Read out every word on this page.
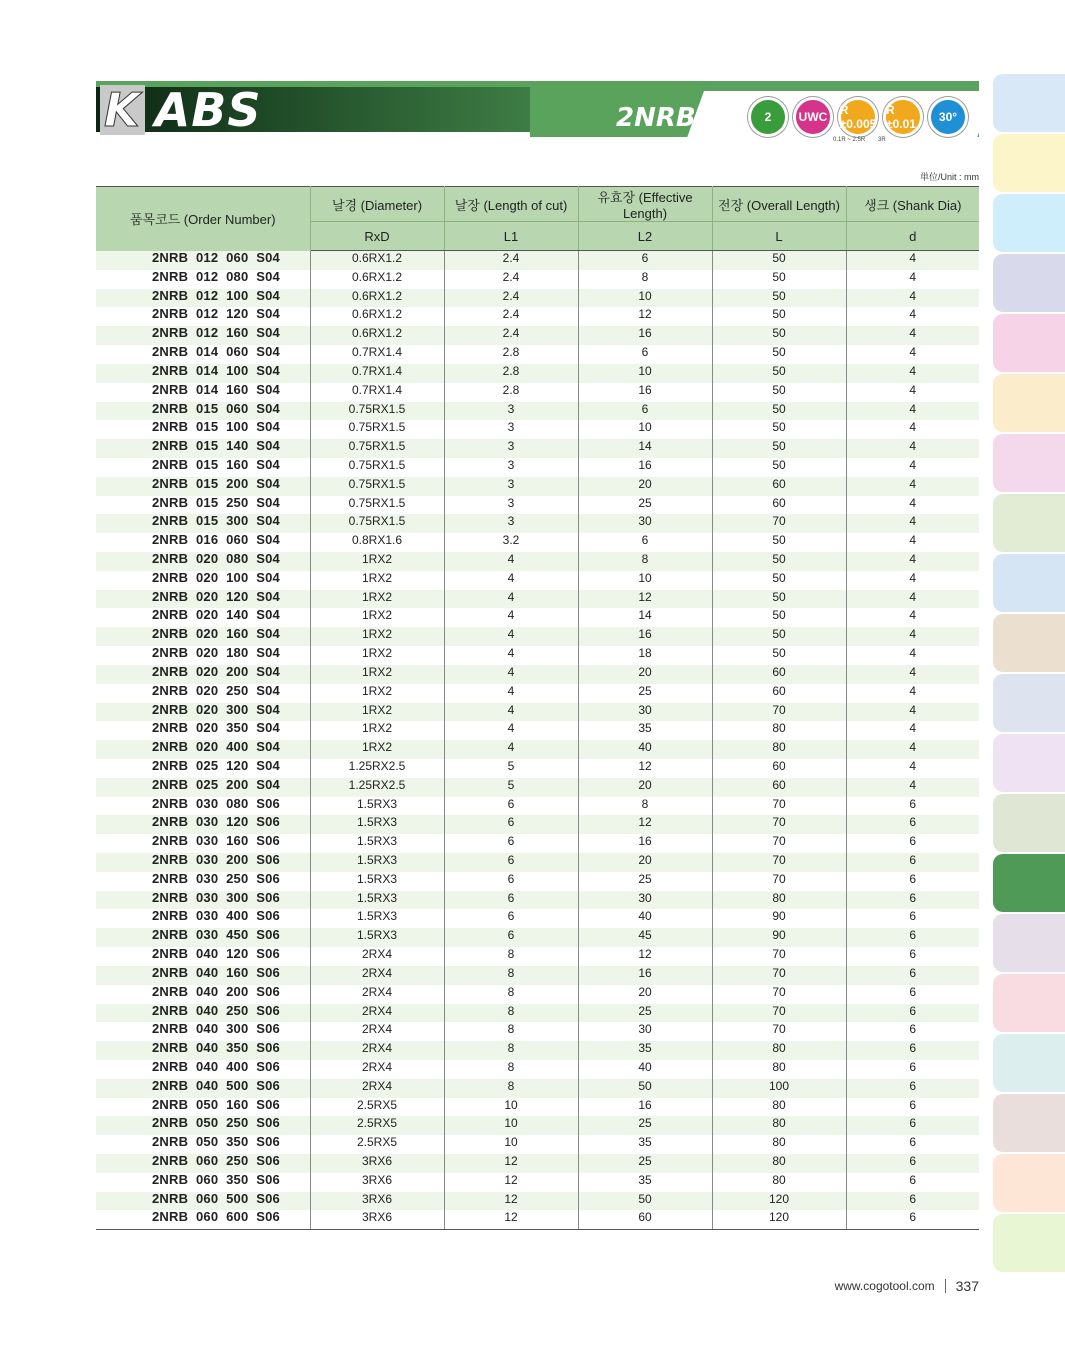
K ABS	2NRB	2	UWC	R ±0.005
0.1R ~ 2.5R
R ±0.01
3R
30°
単位/Unit : mm
품목코드 (Order Number)	날경 (Diameter)	날장 (Length of cut)	유효장 (Effective Length)	전장 (Overall Length)	생크 (Shank Dia)
	RxD	L1	L2	L	d
2NRB 012 060 S04	0.6RX1.2	2.4	6	50	4
2NRB 012 080 S04	0.6RX1.2	2.4	8	50	4
2NRB 012 100 S04	0.6RX1.2	2.4	10	50	4
2NRB 012 120 S04	0.6RX1.2	2.4	12	50	4
2NRB 012 160 S04	0.6RX1.2	2.4	16	50	4
2NRB 014 060 S04	0.7RX1.4	2.8	6	50	4
2NRB 014 100 S04	0.7RX1.4	2.8	10	50	4
2NRB 014 160 S04	0.7RX1.4	2.8	16	50	4
2NRB 015 060 S04	0.75RX1.5	3	6	50	4
2NRB 015 100 S04	0.75RX1.5	3	10	50	4
2NRB 015 140 S04	0.75RX1.5	3	14	50	4
2NRB 015 160 S04	0.75RX1.5	3	16	50	4
2NRB 015 200 S04	0.75RX1.5	3	20	60	4
2NRB 015 250 S04	0.75RX1.5	3	25	60	4
2NRB 015 300 S04	0.75RX1.5	3	30	70	4
2NRB 016 060 S04	0.8RX1.6	3.2	6	50	4
2NRB 020 080 S04	1RX2	4	8	50	4
2NRB 020 100 S04	1RX2	4	10	50	4
2NRB 020 120 S04	1RX2	4	12	50	4
2NRB 020 140 S04	1RX2	4	14	50	4
2NRB 020 160 S04	1RX2	4	16	50	4
2NRB 020 180 S04	1RX2	4	18	50	4
2NRB 020 200 S04	1RX2	4	20	60	4
2NRB 020 250 S04	1RX2	4	25	60	4
2NRB 020 300 S04	1RX2	4	30	70	4
2NRB 020 350 S04	1RX2	4	35	80	4
2NRB 020 400 S04	1RX2	4	40	80	4
2NRB 025 120 S04	1.25RX2.5	5	12	60	4
2NRB 025 200 S04	1.25RX2.5	5	20	60	4
2NRB 030 080 S06	1.5RX3	6	8	70	6
2NRB 030 120 S06	1.5RX3	6	12	70	6
2NRB 030 160 S06	1.5RX3	6	16	70	6
2NRB 030 200 S06	1.5RX3	6	20	70	6
2NRB 030 250 S06	1.5RX3	6	25	70	6
2NRB 030 300 S06	1.5RX3	6	30	80	6
2NRB 030 400 S06	1.5RX3	6	40	90	6
2NRB 030 450 S06	1.5RX3	6	45	90	6
2NRB 040 120 S06	2RX4	8	12	70	6
2NRB 040 160 S06	2RX4	8	16	70	6
2NRB 040 200 S06	2RX4	8	20	70	6
2NRB 040 250 S06	2RX4	8	25	70	6
2NRB 040 300 S06	2RX4	8	30	70	6
2NRB 040 350 S06	2RX4	8	35	80	6
2NRB 040 400 S06	2RX4	8	40	80	6
2NRB 040 500 S06	2RX4	8	50	100	6
2NRB 050 160 S06	2.5RX5	10	16	80	6
2NRB 050 250 S06	2.5RX5	10	25	80	6
2NRB 050 350 S06	2.5RX5	10	35	80	6
2NRB 060 250 S06	3RX6	12	25	80	6
2NRB 060 350 S06	3RX6	12	35	80	6
2NRB 060 500 S06	3RX6	12	50	120	6
2NRB 060 600 S06	3RX6	12	60	120	6
www.cogotool.com 337
